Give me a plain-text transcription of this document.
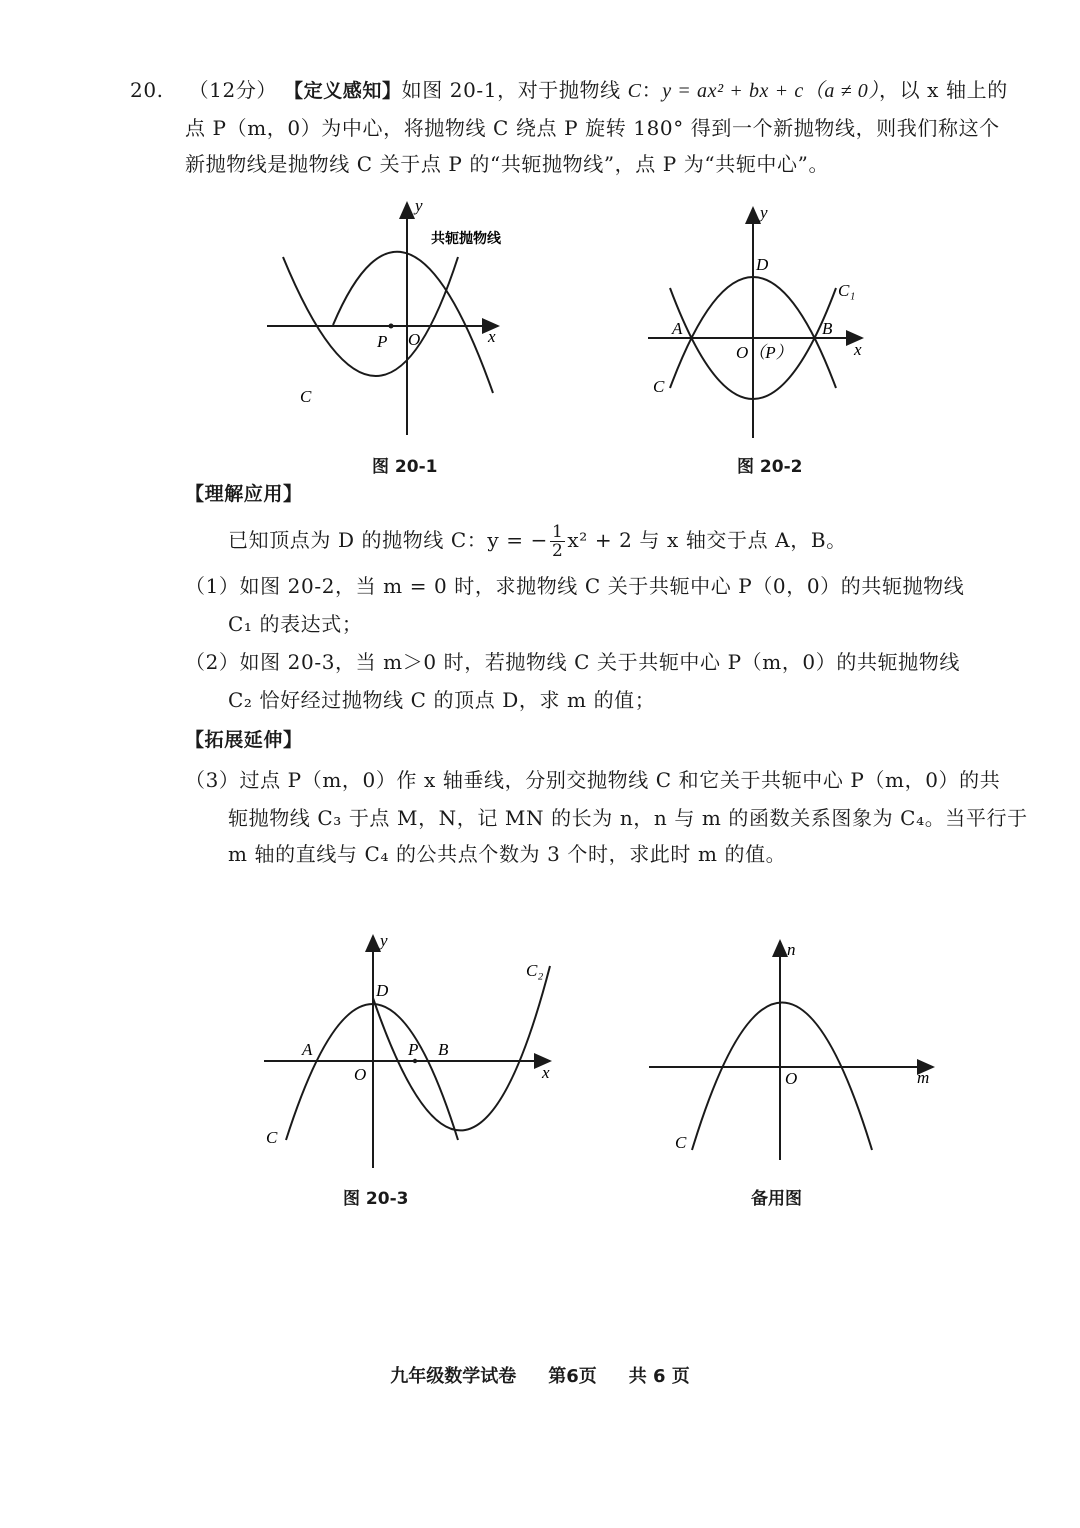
20. （12分） 【定义感知】如图 20-1，对于抛物线 C：y = ax² + bx + c（a ≠ 0），以 x 轴上的
点 P（m，0）为中心，将抛物线 C 绕点 P 旋转 180° 得到一个新抛物线，则我们称这个
新抛物线是抛物线 C 关于点 P 的“共轭抛物线”，点 P 为“共轭中心”。
y
x
O
P
C
共轭抛物线
图 20-1
y
x
D
A	B
O（P）
C
C₁
图 20-2
【理解应用】
已知顶点为 D 的抛物线 C：y = − $\frac{1}{2} x^2 + 2$ 与 x 轴交于点 A，B。
（1）如图 20-2，当 m = 0 时，求抛物线 C 关于共轭中心 P（0，0）的共轭抛物线
C₁ 的表达式；
（2）如图 20-3，当 m＞0 时，若抛物线 C 关于共轭中心 P（m，0）的共轭抛物线
C₂ 恰好经过抛物线 C 的顶点 D，求 m 的值；
【拓展延伸】
（3）过点 P（m，0）作 x 轴垂线，分别交抛物线 C 和它关于共轭中心 P（m，0）的共
轭抛物线 C₃ 于点 M，N，记 MN 的长为 n，n 与 m 的函数关系图象为 C₄。当平行于
m 轴的直线与 C₄ 的公共点个数为 3 个时，求此时 m 的值。
y
x
D
A	P B
O
C
C₂
图 20-3
n
m
O
C
备用图
九年级数学试卷 第6页 共 6 页
